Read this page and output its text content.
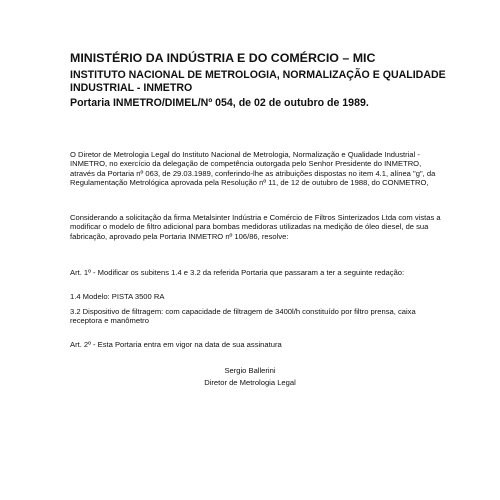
MINISTÉRIO DA INDÚSTRIA E DO COMÉRCIO – MIC
INSTITUTO NACIONAL DE METROLOGIA, NORMALIZAÇÃO E QUALIDADE INDUSTRIAL - INMETRO
Portaria INMETRO/DIMEL/Nº 054, de 02 de outubro de 1989.

O Diretor de Metrologia Legal do Instituto Nacional de Metrologia, Normalização e Qualidade Industrial -INMETRO, no exercício da delegação de competência outorgada pelo Senhor Presidente do INMETRO, através da Portaria nº 063, de 29.03.1989, conferindo-lhe as atribuições dispostas no item 4.1, alínea "g", da Regulamentação Metrológica aprovada pela Resolução nº 11, de 12 de outubro de 1988, do CONMETRO,

Considerando a solicitação da firma Metalsinter Indústria e Comércio de Filtros Sinterizados Ltda com vistas a modificar o modelo de filtro adicional para bombas medidoras utilizadas na medição de óleo diesel, de sua fabricação, aprovado pela Portaria INMETRO nº 106/86, resolve:

Art. 1º - Modificar os subitens 1.4 e 3.2 da referida Portaria que passaram a ter a seguinte redação:

1.4 Modelo: PISTA 3500 RA

3.2 Dispositivo de filtragem: com capacidade de filtragem de 3400l/h constituído por filtro prensa, caixa receptora e manômetro

Art. 2º - Esta Portaria entra em vigor na data de sua assinatura

Sergio Ballerini
Diretor de Metrologia Legal
